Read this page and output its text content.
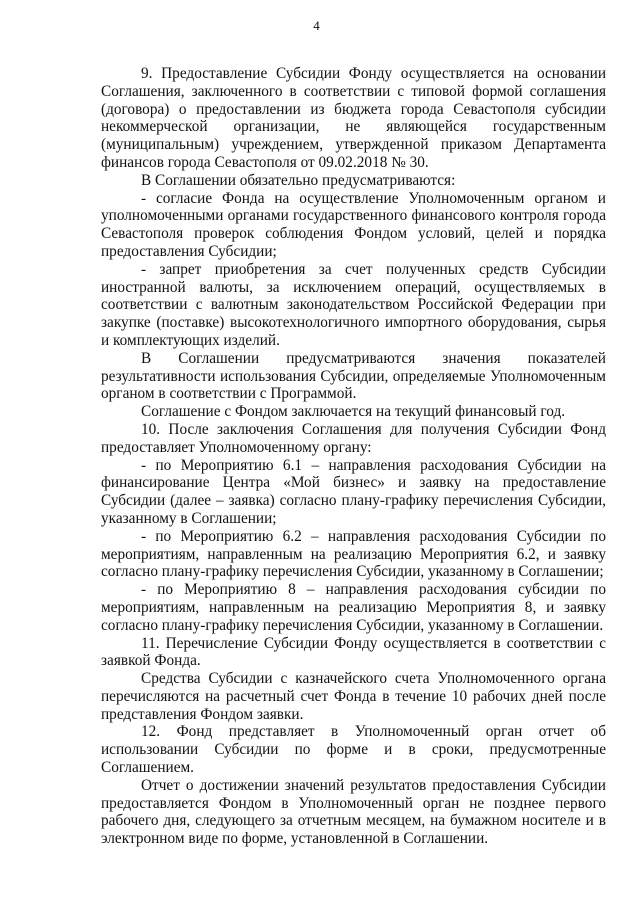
4

9. Предоставление Субсидии Фонду осуществляется на основании Соглашения, заключенного в соответствии с типовой формой соглашения (договора) о предоставлении из бюджета города Севастополя субсидии некоммерческой организации, не являющейся государственным (муниципальным) учреждением, утвержденной приказом Департамента финансов города Севастополя от 09.02.2018 № 30.

В Соглашении обязательно предусматриваются:

- согласие Фонда на осуществление Уполномоченным органом и уполномоченными органами государственного финансового контроля города Севастополя проверок соблюдения Фондом условий, целей и порядка предоставления Субсидии;

- запрет приобретения за счет полученных средств Субсидии иностранной валюты, за исключением операций, осуществляемых в соответствии с валютным законодательством Российской Федерации при закупке (поставке) высокотехнологичного импортного оборудования, сырья и комплектующих изделий.

В Соглашении предусматриваются значения показателей результативности использования Субсидии, определяемые Уполномоченным органом в соответствии с Программой.

Соглашение с Фондом заключается на текущий финансовый год.

10. После заключения Соглашения для получения Субсидии Фонд предоставляет Уполномоченному органу:

- по Мероприятию 6.1 – направления расходования Субсидии на финансирование Центра «Мой бизнес» и заявку на предоставление Субсидии (далее – заявка) согласно плану-графику перечисления Субсидии, указанному в Соглашении;

- по Мероприятию 6.2 – направления расходования Субсидии по мероприятиям, направленным на реализацию Мероприятия 6.2, и заявку согласно плану-графику перечисления Субсидии, указанному в Соглашении;

- по Мероприятию 8 – направления расходования субсидии по мероприятиям, направленным на реализацию Мероприятия 8, и заявку согласно плану-графику перечисления Субсидии, указанному в Соглашении.

11. Перечисление Субсидии Фонду осуществляется в соответствии с заявкой Фонда.

Средства Субсидии с казначейского счета Уполномоченного органа перечисляются на расчетный счет Фонда в течение 10 рабочих дней после представления Фондом заявки.

12. Фонд представляет в Уполномоченный орган отчет об использовании Субсидии по форме и в сроки, предусмотренные Соглашением.

Отчет о достижении значений результатов предоставления Субсидии предоставляется Фондом в Уполномоченный орган не позднее первого рабочего дня, следующего за отчетным месяцем, на бумажном носителе и в электронном виде по форме, установленной в Соглашении.
